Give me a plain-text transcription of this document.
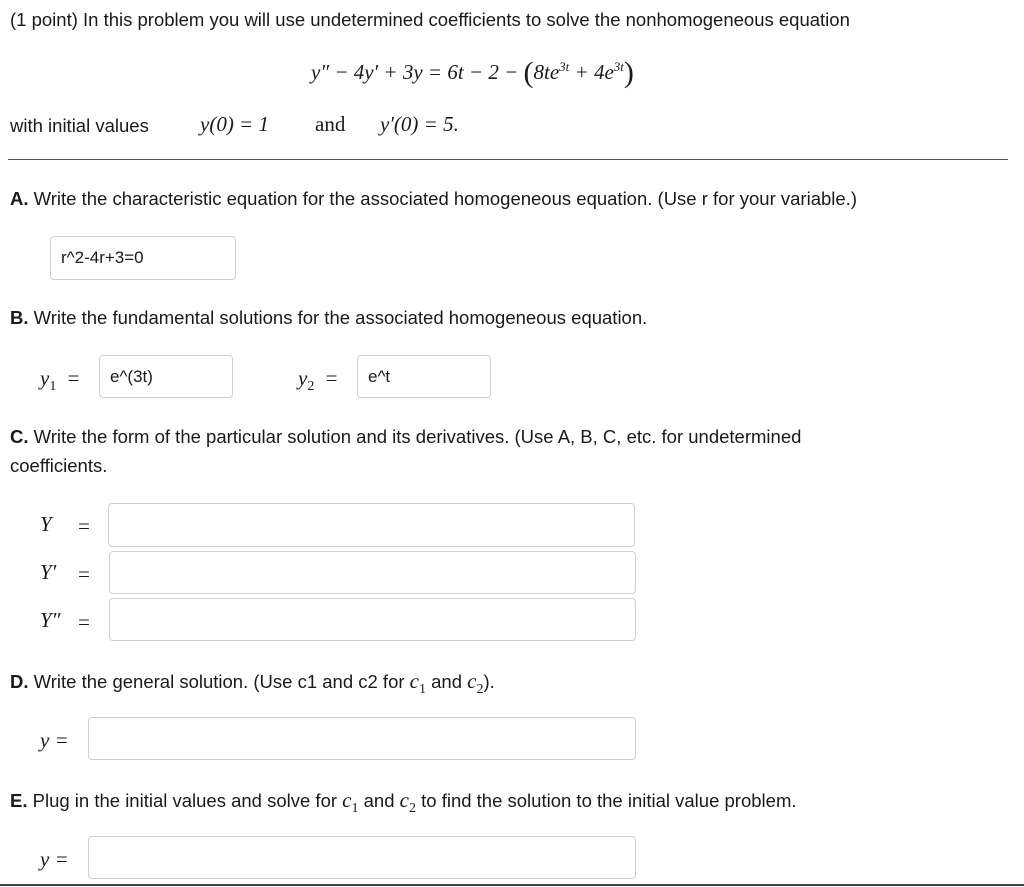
(1 point) In this problem you will use undetermined coefficients to solve the nonhomogeneous equation
$y'' - 4y' + 3y = 6t - 2 - (8te^{3t} + 4e^{3t})$
with initial values y(0) = 1 and y′(0) = 5.
A. Write the characteristic equation for the associated homogeneous equation. (Use r for your variable.)
r^2-4r+3=0
B. Write the fundamental solutions for the associated homogeneous equation.
$y_1$ =	e^(3t)	$y_2$ =	e^t
C. Write the form of the particular solution and its derivatives. (Use A, B, C, etc. for undetermined
coefficients.
Y =
Y′ =
Y″ =
D. Write the general solution. (Use c1 and c2 for $c_1$ and $c_2$).
y =
E. Plug in the initial values and solve for $c_1$ and $c_2$ to find the solution to the initial value problem.
y =
